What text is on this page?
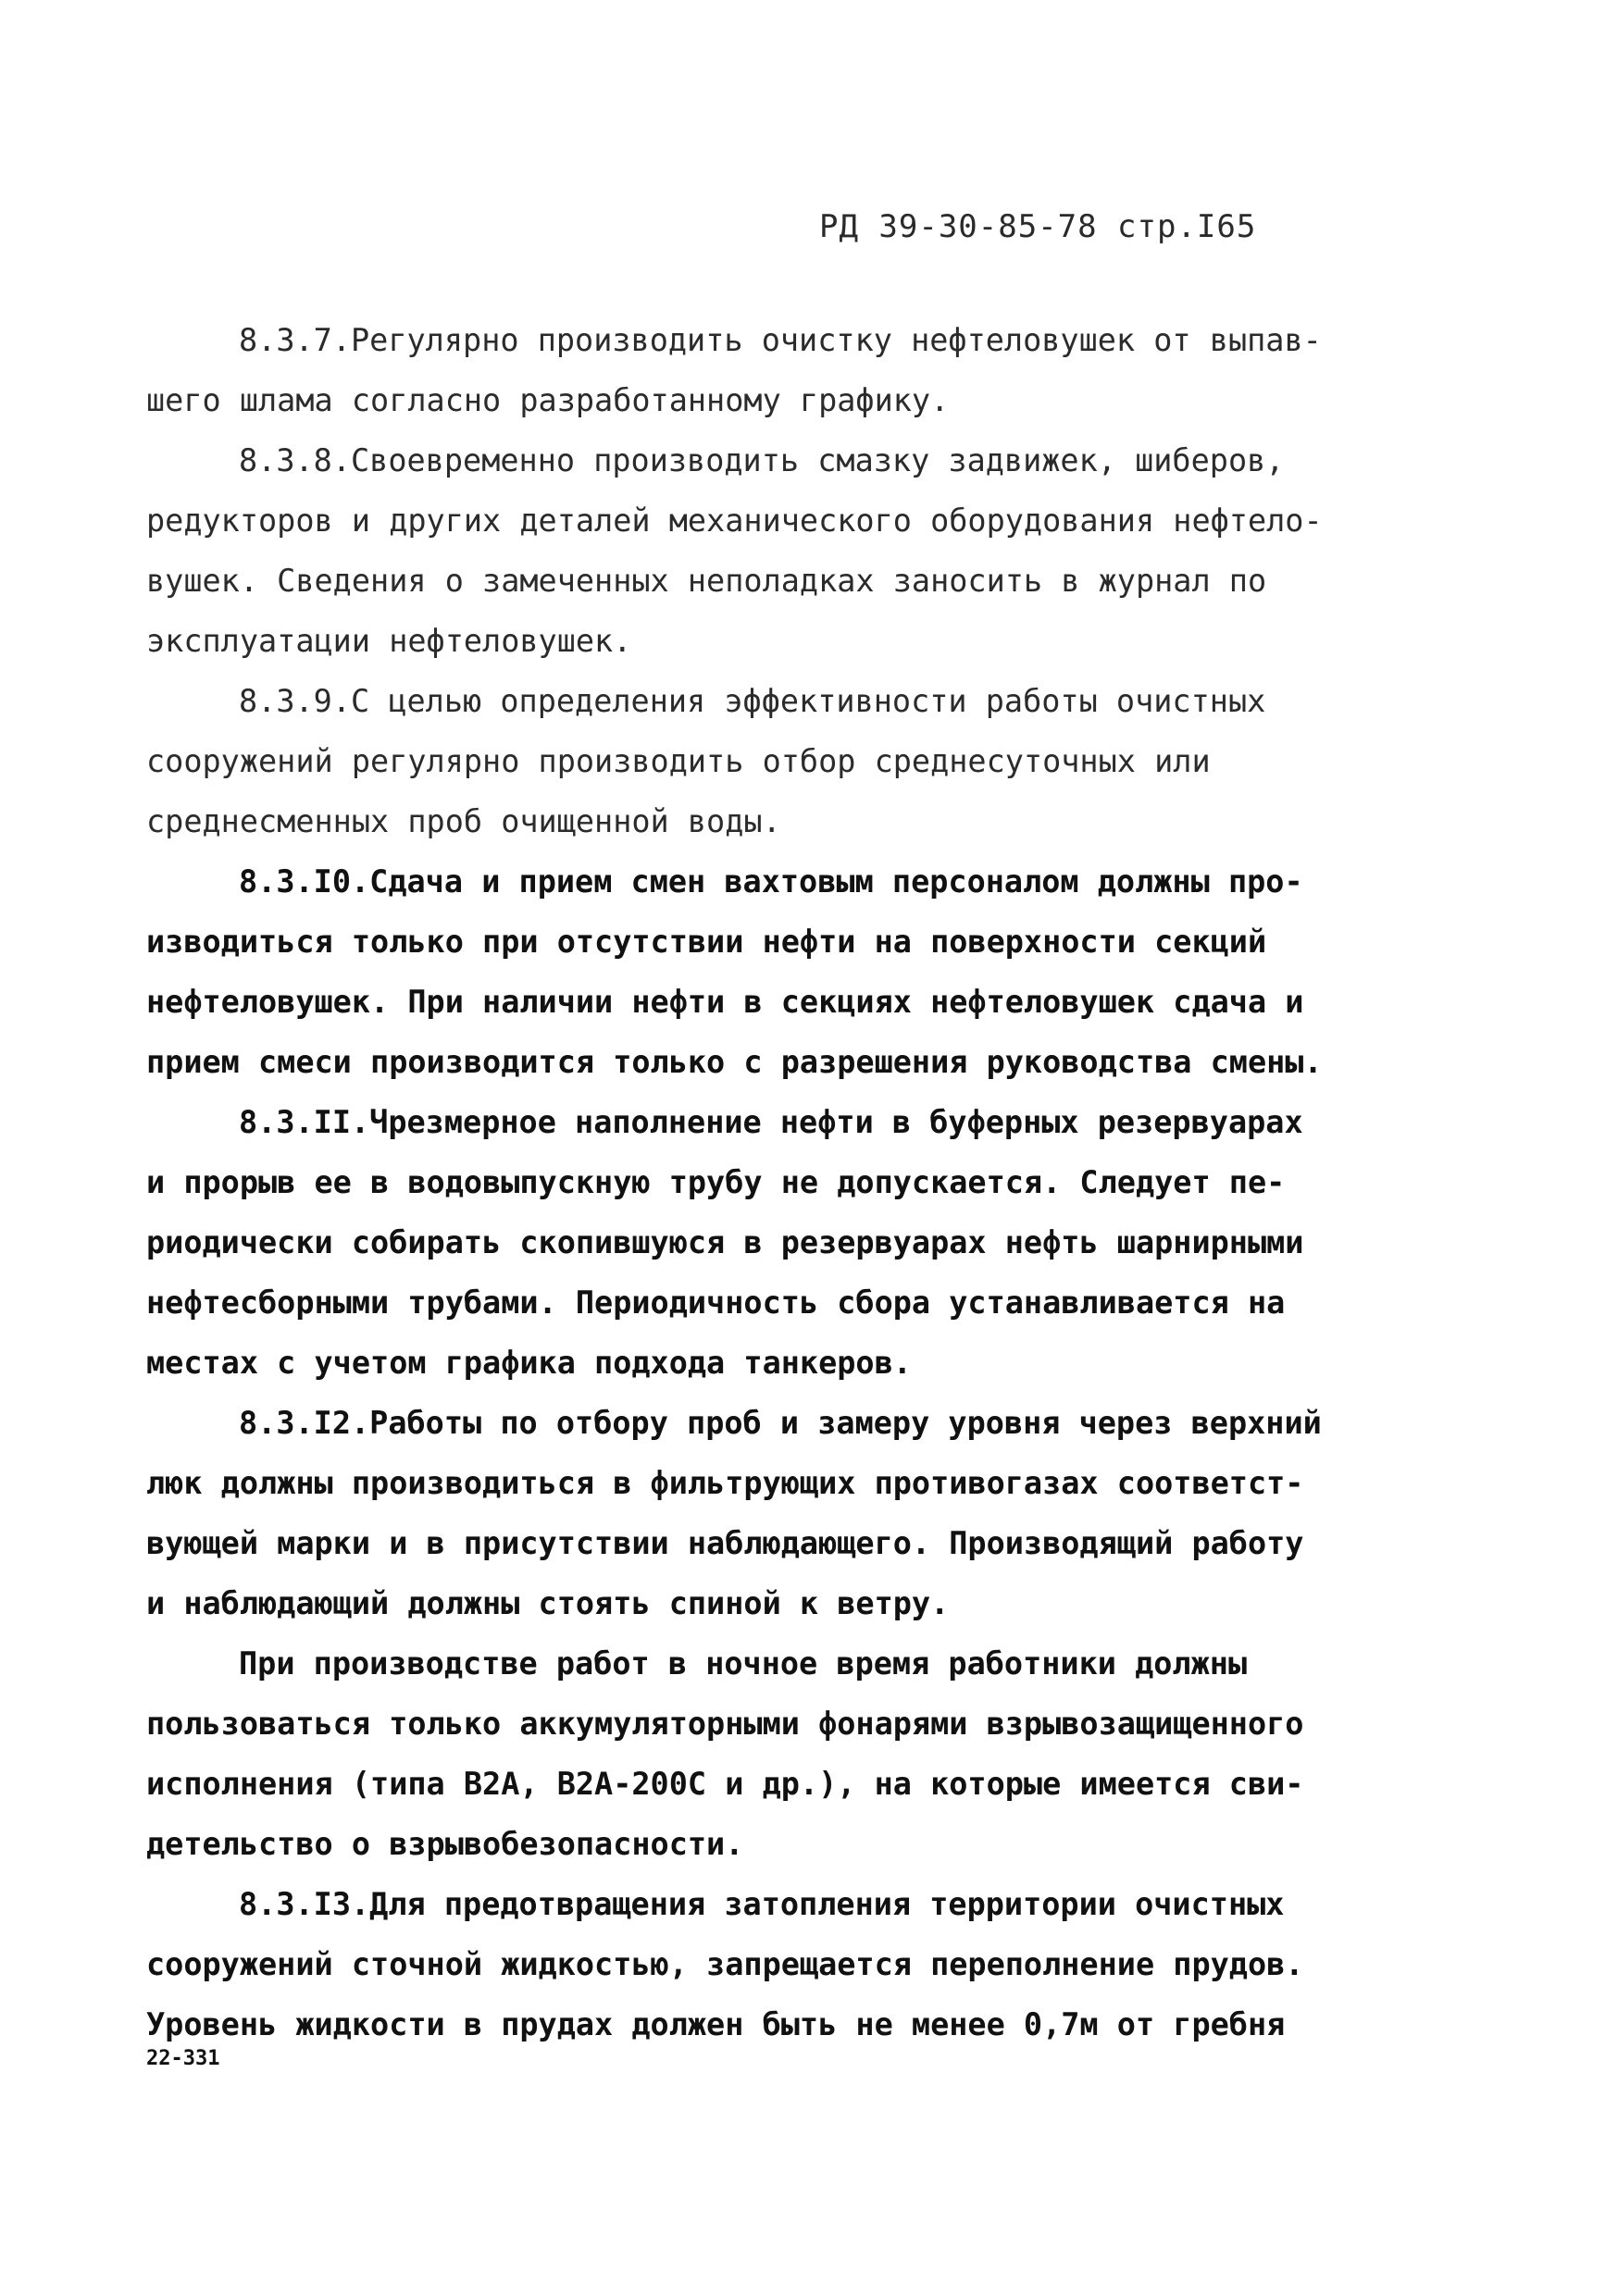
РД 39-30-85-78 стр.I65

8.3.7.Регулярно производить очистку нефтеловушек от выпав-
шего шлама согласно разработанному графику.

8.3.8.Своевременно производить смазку задвижек, шиберов,
редукторов и других деталей механического оборудования нефтело-
вушек. Сведения о замеченных неполадках заносить в журнал по
эксплуатации нефтеловушек.

8.3.9.С целью определения эффективности работы очистных
сооружений регулярно производить отбор среднесуточных или
среднесменных проб очищенной воды.

8.3.I0.Сдача и прием смен вахтовым персоналом должны про-
изводиться только при отсутствии нефти на поверхности секций
нефтеловушек. При наличии нефти в секциях нефтеловушек сдача и
прием смеси производится только с разрешения руководства смены.

8.3.II.Чрезмерное наполнение нефти в буферных резервуарах
и прорыв ее в водовыпускную трубу не допускается. Следует пе-
риодически собирать скопившуюся в резервуарах нефть шарнирными
нефтесборными трубами. Периодичность сбора устанавливается на
местах с учетом графика подхода танкеров.

8.3.I2.Работы по отбору проб и замеру уровня через верхний
люк должны производиться в фильтрующих противогазах соответст-
вующей марки и в присутствии наблюдающего. Производящий работу
и наблюдающий должны стоять спиной к ветру.

При производстве работ в ночное время работники должны
пользоваться только аккумуляторными фонарями взрывозащищенного
исполнения (типа В2А, В2А-200С и др.), на которые имеется сви-
детельство о взрывобезопасности.

8.3.I3.Для предотвращения затопления территории очистных
сооружений сточной жидкостью, запрещается переполнение прудов.
Уровень жидкости в прудах должен быть не менее 0,7м от гребня

22-331
